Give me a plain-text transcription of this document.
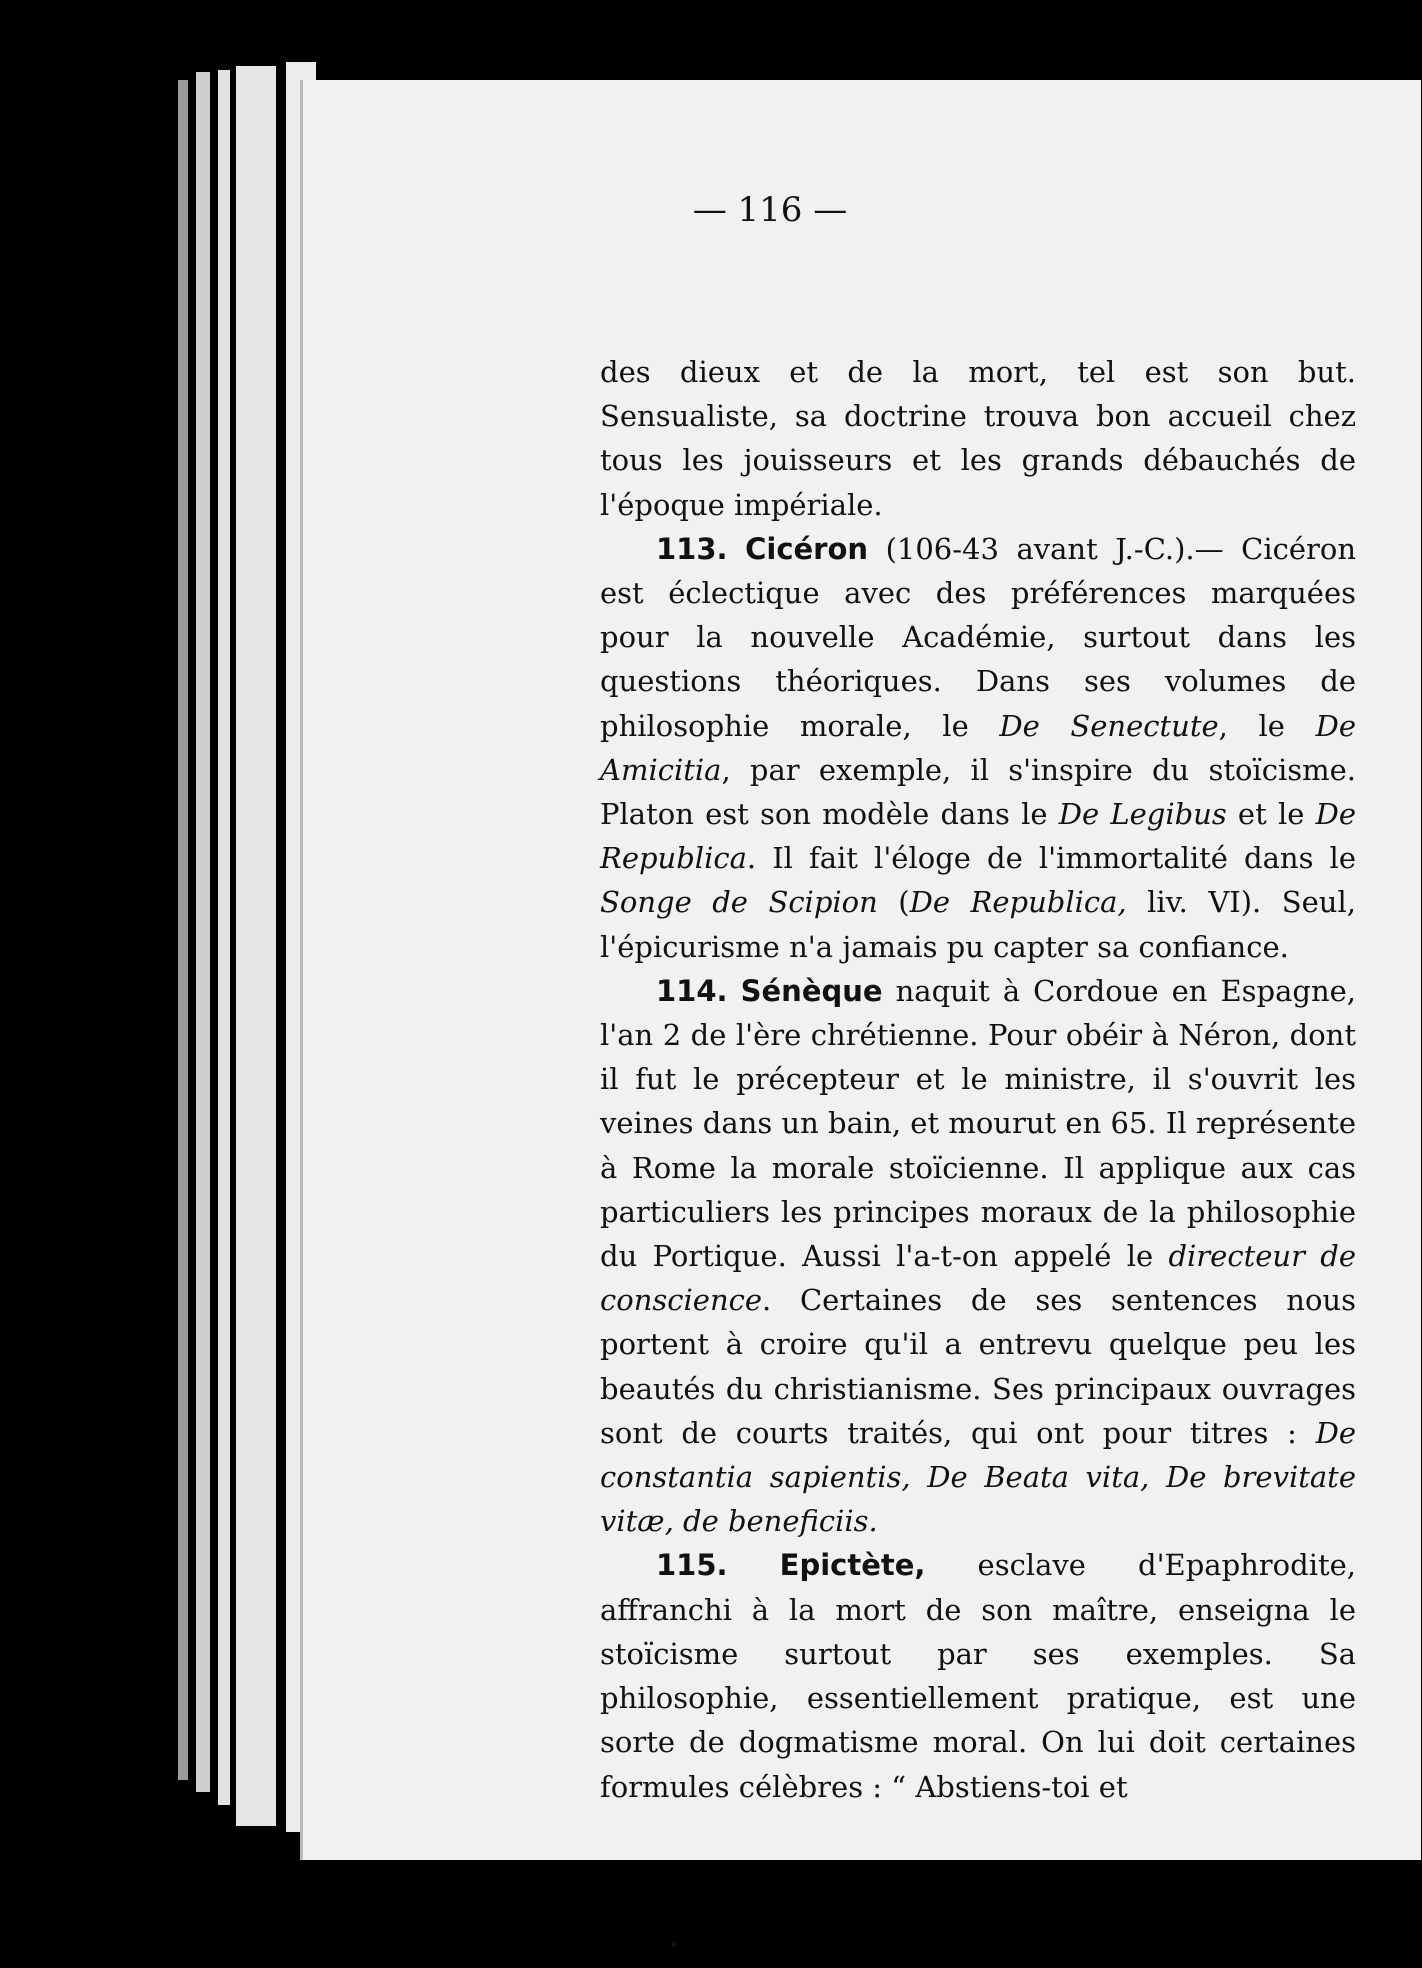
— 116 —

des dieux et de la mort, tel est son but. Sensualiste, sa doctrine trouva bon accueil chez tous les jouisseurs et les grands débauchés de l'époque impériale.

113. Cicéron (106-43 avant J.-C.).— Cicéron est éclectique avec des préférences marquées pour la nouvelle Académie, surtout dans les questions théoriques. Dans ses volumes de philosophie morale, le De Senectute, le De Amicitia, par exemple, il s'inspire du stoïcisme. Platon est son modèle dans le De Legibus et le De Republica. Il fait l'éloge de l'immortalité dans le Songe de Scipion (De Republica, liv. VI). Seul, l'épicurisme n'a jamais pu capter sa confiance.

114. Sénèque naquit à Cordoue en Espagne, l'an 2 de l'ère chrétienne. Pour obéir à Néron, dont il fut le précepteur et le ministre, il s'ouvrit les veines dans un bain, et mourut en 65. Il représente à Rome la morale stoïcienne. Il applique aux cas particuliers les principes moraux de la philosophie du Portique. Aussi l'a-t-on appelé le directeur de conscience. Certaines de ses sentences nous portent à croire qu'il a entrevu quelque peu les beautés du christianisme. Ses principaux ouvrages sont de courts traités, qui ont pour titres : De constantia sapientis, De Beata vita, De brevitate vitæ, de beneficiis.

115. Epictète, esclave d'Epaphrodite, affranchi à la mort de son maître, enseigna le stoïcisme surtout par ses exemples. Sa philosophie, essentiellement pratique, est une sorte de dogmatisme moral. On lui doit certaines formules célèbres : “ Abstiens-toi et
